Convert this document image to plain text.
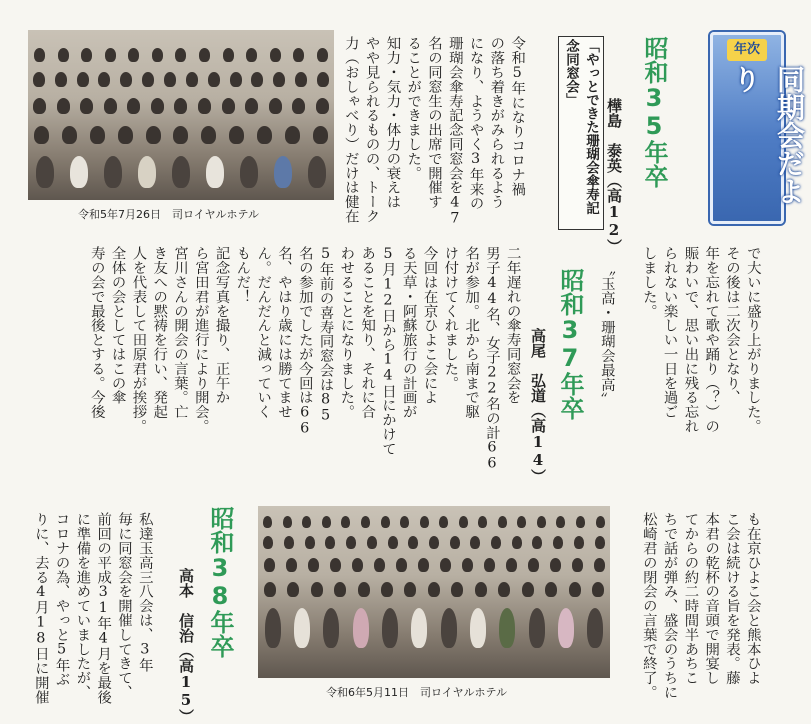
令和5年7月26日　司ロイヤルホテル
令和5年になりコロナ禍
の落ち着きがみられるよう
になり、ようやく3年来の
珊瑚会傘寿記念同窓会を47
名の同窓生の出席で開催す
ることができました。
知力・気力・体力の衰えは
やや見られるものの、トーク
力（おしゃべり）だけは健在	「やっとできた珊瑚会傘寿記
念同窓会」
樺島　泰英（高12） 昭和35年卒	年次
同期会だより
で大いに盛り上がりました。
その後は二次会となり、
年を忘れて歌や踊り（？）の
賑わいで、思い出に残る忘れ
られない楽しい一日を過ご
しました。
〝玉高・珊瑚会最高〟
昭和37年卒
高尾　弘道（高14）
二年遅れの傘寿同窓会を
男子44名、女子22名の計66
名が参加。北から南まで駆
け付けてくれました。
今回は在京ひよこ会によ
る天草・阿蘇旅行の計画が
5月12日から14日にかけて
あることを知り、それに合
わせることになりました。
5年前の喜寿同窓会は85
名の参加でしたが今回は66
名、やはり歳には勝てませ
ん。だんだんと減っていく
もんだ！
記念写真を撮り、正午か
ら宮田君が進行により開会。
宮川さんの開会の言葉。亡
き友への黙祷を行い、発起
人を代表して田原君が挨拶。
全体の会としてはこの傘
寿の会で最後とする。今後
も在京ひよこ会と熊本ひよ
こ会は続ける旨を発表。藤
本君の乾杯の音頭で開宴し
てからの約二時間半あちこ
ちで話が弾み、盛会のうちに
松崎君の閉会の言葉で終了。
令和6年5月11日　司ロイヤルホテル
昭和38年卒
高本　信治（高15）
私達玉高三八会は、3年
毎に同窓会を開催してきて、
前回の平成31年4月を最後
に準備を進めていましたが、
コロナの為、やっと5年ぶ
りに、去る4月18日に開催
